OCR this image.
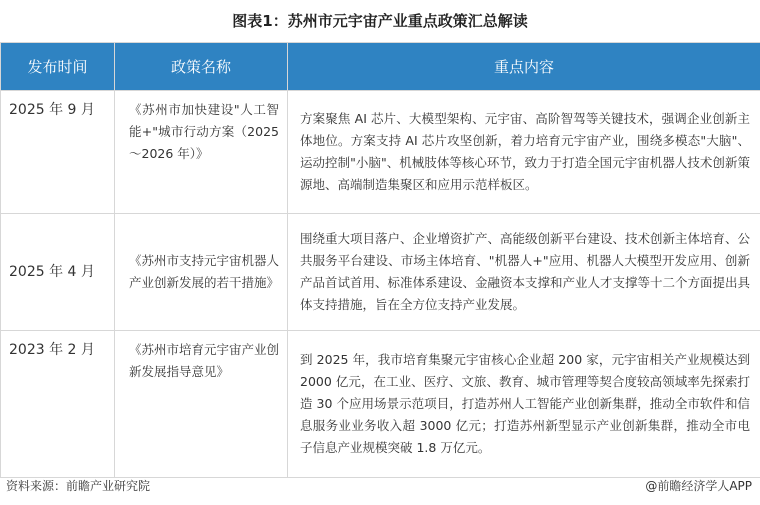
图表1：苏州市元宇宙产业重点政策汇总解读
发布时间	政策名称	重点内容
2025 年 9 月	《苏州市加快建设"人工智能+"城市行动方案（2025～2026 年）》	方案聚焦 AI 芯片、大模型架构、元宇宙、高阶智驾等关键技术，强调企业创新主体地位。方案支持 AI 芯片攻坚创新，着力培育元宇宙产业，围绕多模态"大脑"、运动控制"小脑"、机械肢体等核心环节，致力于打造全国元宇宙机器人技术创新策源地、高端制造集聚区和应用示范样板区。
2025 年 4 月	《苏州市支持元宇宙机器人产业创新发展的若干措施》	围绕重大项目落户、企业增资扩产、高能级创新平台建设、技术创新主体培育、公共服务平台建设、市场主体培育、"机器人+"应用、机器人大模型开发应用、创新产品首试首用、标准体系建设、金融资本支撑和产业人才支撑等十二个方面提出具体支持措施，旨在全方位支持产业发展。
2023 年 2 月	《苏州市培育元宇宙产业创新发展指导意见》	到 2025 年，我市培育集聚元宇宙核心企业超 200 家，元宇宙相关产业规模达到 2000 亿元，在工业、医疗、文旅、教育、城市管理等契合度较高领域率先探索打造 30 个应用场景示范项目，打造苏州人工智能产业创新集群，推动全市软件和信息服务业业务收入超 3000 亿元；打造苏州新型显示产业创新集群，推动全市电子信息产业规模突破 1.8 万亿元。
资料来源：前瞻产业研究院	@前瞻经济学人APP
